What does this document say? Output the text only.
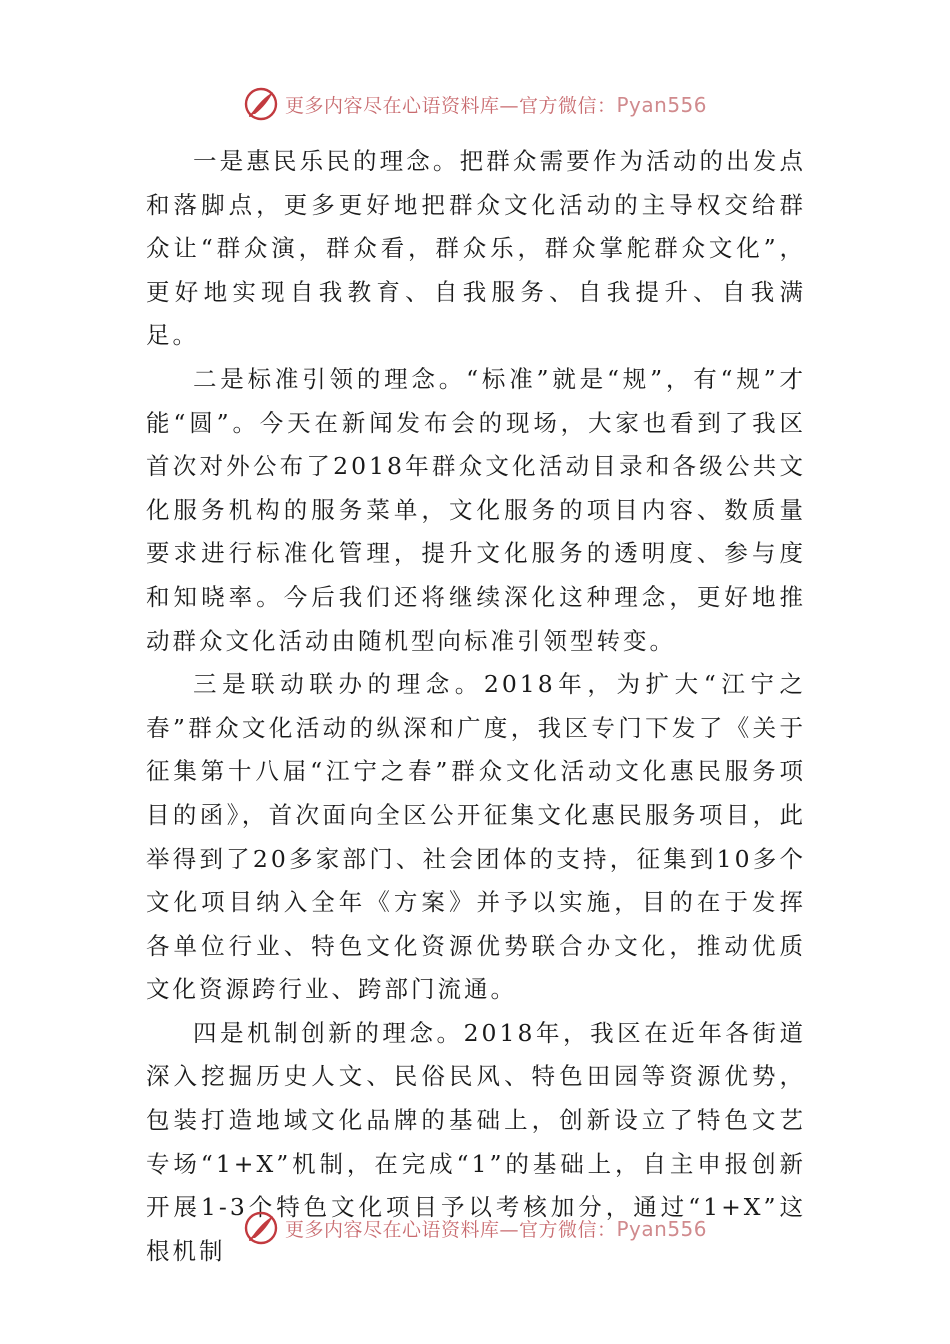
更多内容尽在心语资料库—官方微信：Pyan556

一是惠民乐民的理念。把群众需要作为活动的出发点和落脚点，更多更好地把群众文化活动的主导权交给群众让“群众演，群众看，群众乐，群众掌舵群众文化”，更好地实现自我教育、自我服务、自我提升、自我满足。

二是标准引领的理念。“标准”就是“规”，有“规”才能“圆”。今天在新闻发布会的现场，大家也看到了我区首次对外公布了2018年群众文化活动目录和各级公共文化服务机构的服务菜单，文化服务的项目内容、数质量要求进行标准化管理，提升文化服务的透明度、参与度和知晓率。今后我们还将继续深化这种理念，更好地推动群众文化活动由随机型向标准引领型转变。

三是联动联办的理念。2018年，为扩大“江宁之春”群众文化活动的纵深和广度，我区专门下发了《关于征集第十八届“江宁之春”群众文化活动文化惠民服务项目的函》，首次面向全区公开征集文化惠民服务项目，此举得到了20多家部门、社会团体的支持，征集到10多个文化项目纳入全年《方案》并予以实施，目的在于发挥各单位行业、特色文化资源优势联合办文化，推动优质文化资源跨行业、跨部门流通。

四是机制创新的理念。2018年，我区在近年各街道深入挖掘历史人文、民俗民风、特色田园等资源优势，包装打造地域文化品牌的基础上，创新设立了特色文艺专场“1+X”机制，在完成“1”的基础上，自主申报创新开展1-3个特色文化项目予以考核加分，通过“1+X”这根机制

更多内容尽在心语资料库—官方微信：Pyan556
